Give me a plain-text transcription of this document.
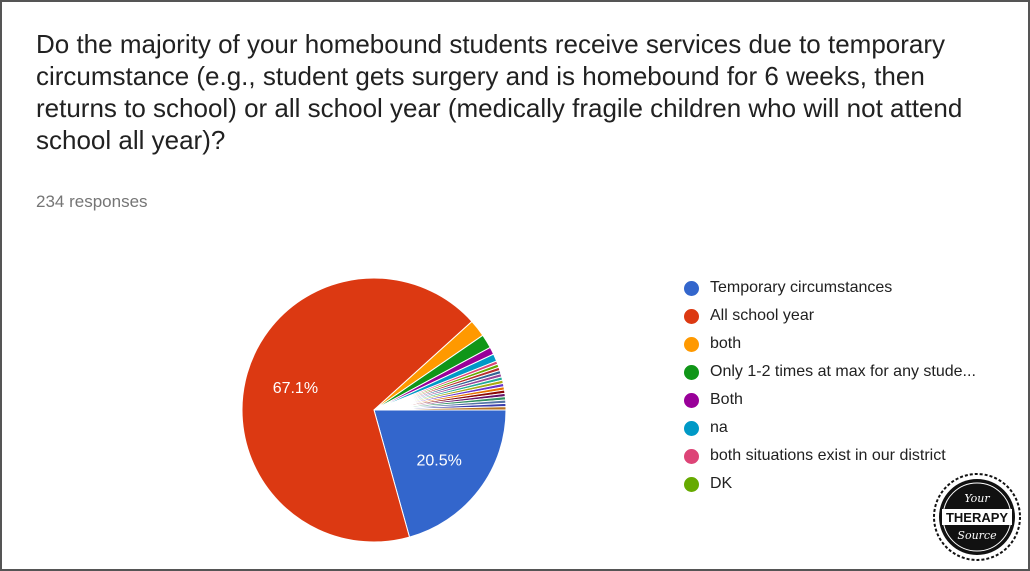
Do the majority of your homebound students receive services due to temporary circumstance (e.g., student gets surgery and is homebound for 6 weeks, then returns to school) or all school year (medically fragile children who will not attend school all year)?
234 responses
20.5%
67.1%
Temporary circumstances
All school year
both
Only 1-2 times at max for any stude...
Both
na
both situations exist in our district
DK
Your
THERAPY
Source
